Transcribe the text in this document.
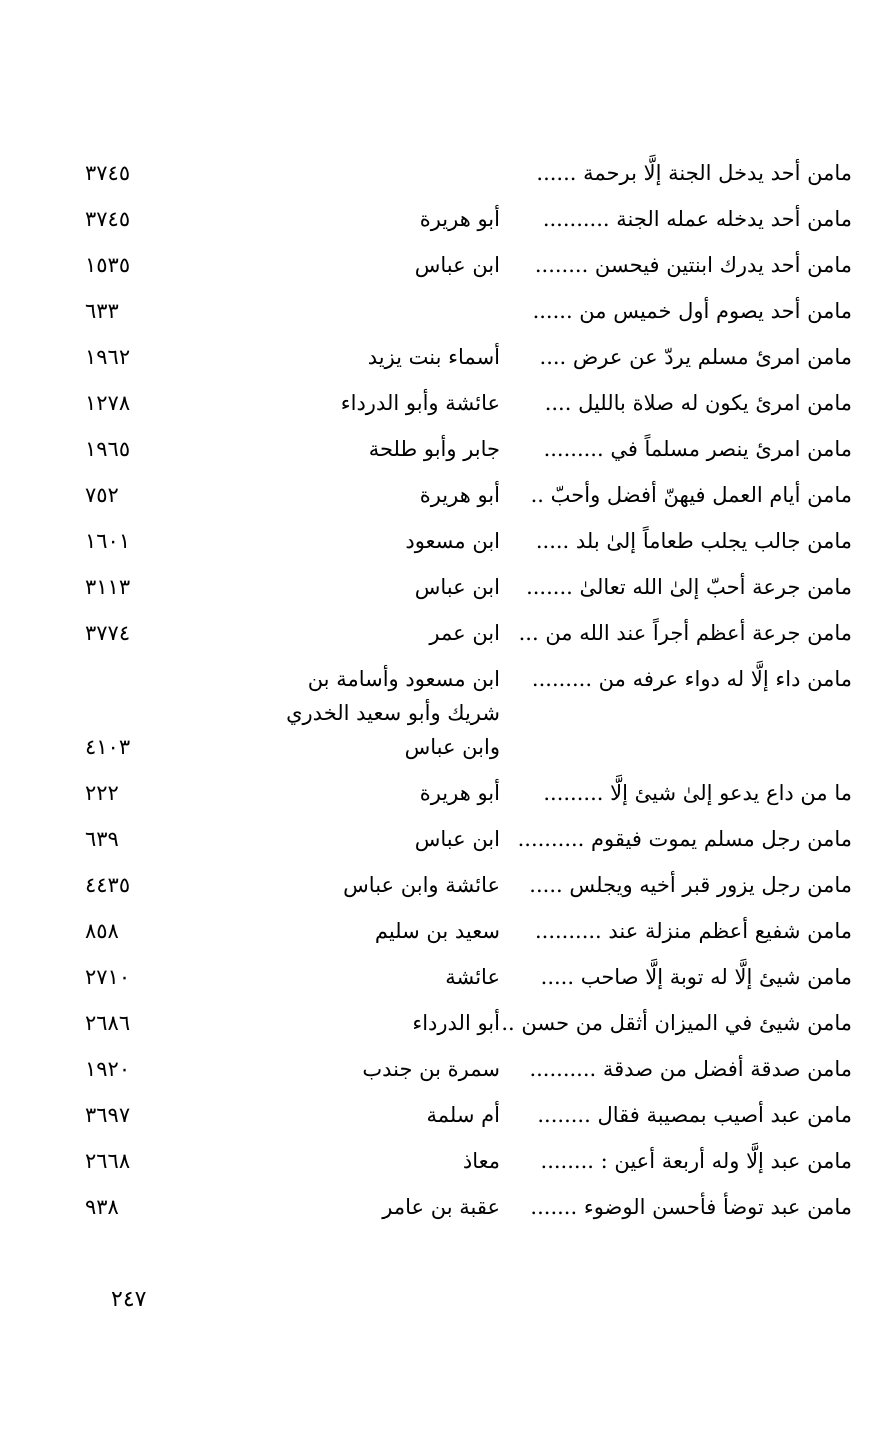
مامن أحد يدخل الجنة إلَّا برحمة ......
٣٧٤٥
مامن أحد يدخله عمله الجنة ..........
أبو هريرة
٣٧٤٥
مامن أحد يدرك ابنتين فيحسن ........
ابن عباس
١٥٣٥
مامن أحد يصوم أول خميس من ......
٦٣٣
مامن امرئ مسلم يردّ عن عرض ....
أسماء بنت يزيد
١٩٦٢
مامن امرئ يكون له صلاة بالليل ....
عائشة وأبو الدرداء
١٢٧٨
مامن امرئ ينصر مسلماً في .........
جابر وأبو طلحة
١٩٦٥
مامن أيام العمل فيهنّ أفضل وأحبّ ..
أبو هريرة
٧٥٢
مامن جالب يجلب طعاماً إلىٰ بلد .....
ابن مسعود
١٦٠١
مامن جرعة أحبّ إلىٰ الله تعالىٰ .......
ابن عباس
٣١١٣
مامن جرعة أعظم أجراً عند الله من ...
ابن عمر
٣٧٧٤
مامن داء إلَّا له دواء عرفه من .........
ابن مسعود وأسامة بن شريك وأبو سعيد الخدري وابن عباس
٤١٠٣
ما من داع يدعو إلىٰ شيئ إلَّا .........
أبو هريرة
٢٢٢
مامن رجل مسلم يموت فيقوم ..........
ابن عباس
٦٣٩
مامن رجل يزور قبر أخيه ويجلس .....
عائشة وابن عباس
٤٤٣٥
مامن شفيع أعظم منزلة عند ..........
سعيد بن سليم
٨٥٨
مامن شيئ إلَّا له توبة إلَّا صاحب .....
عائشة
٢٧١٠
مامن شيئ في الميزان أثقل من حسن ..
أبو الدرداء
٢٦٨٦
مامن صدقة أفضل من صدقة ..........
سمرة بن جندب
١٩٢٠
مامن عبد أصيب بمصيبة فقال ........
أم سلمة
٣٦٩٧
مامن عبد إلَّا وله أربعة أعين : ........
معاذ
٢٦٦٨
مامن عبد توضأ فأحسن الوضوء .......
عقبة بن عامر
٩٣٨
٢٤٧
